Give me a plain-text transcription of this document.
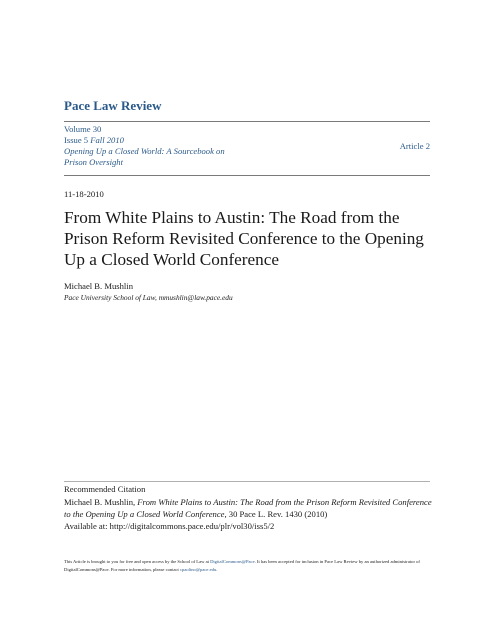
Pace Law Review
Volume 30
Issue 5 Fall 2010
Opening Up a Closed World: A Sourcebook on
Prison Oversight
Article 2
11-18-2010
From White Plains to Austin: The Road from the Prison Reform Revisited Conference to the Opening Up a Closed World Conference
Michael B. Mushlin
Pace University School of Law, mmushlin@law.pace.edu
Recommended Citation
Michael B. Mushlin, From White Plains to Austin: The Road from the Prison Reform Revisited Conference to the Opening Up a Closed World Conference, 30 Pace L. Rev. 1430 (2010)
Available at: http://digitalcommons.pace.edu/plr/vol30/iss5/2
This Article is brought to you for free and open access by the School of Law at DigitalCommons@Pace. It has been accepted for inclusion in Pace Law Review by an authorized administrator of DigitalCommons@Pace. For more information, please contact cpaolino@pace.edu.
